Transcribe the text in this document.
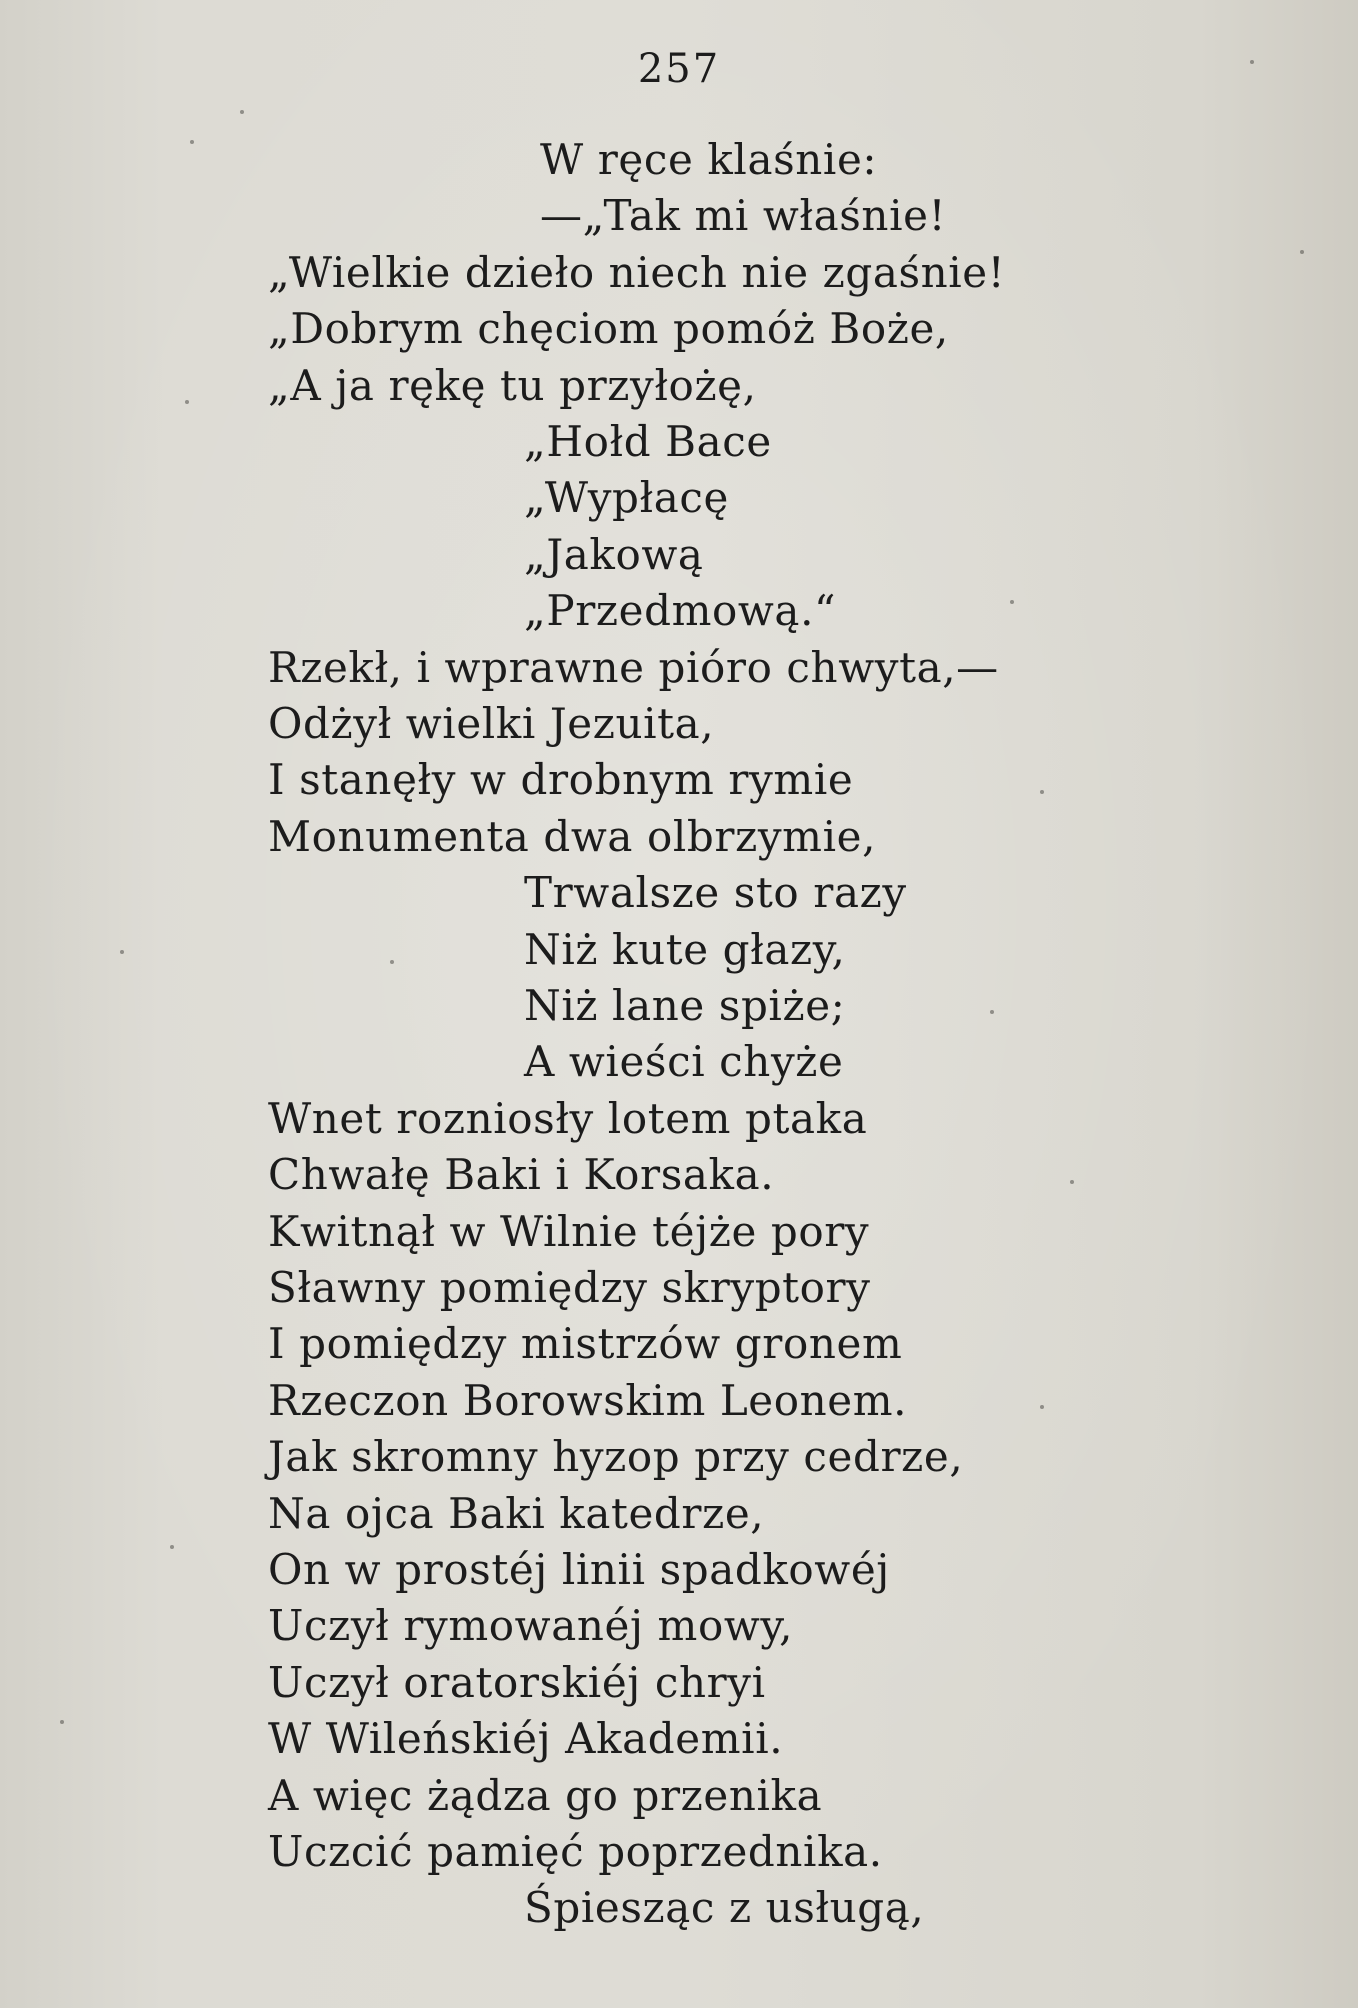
257
W ręce klaśnie:
—„Tak mi właśnie!
„Wielkie dzieło niech nie zgaśnie!
„Dobrym chęciom pomóż Boże,
„A ja rękę tu przyłożę,
„Hołd Bace
„Wypłacę
„Jakową
„Przedmową.“
Rzekł, i wprawne pióro chwyta,—
Odżył wielki Jezuita,
I stanęły w drobnym rymie
Monumenta dwa olbrzymie,
Trwalsze sto razy
Niż kute głazy,
Niż lane spiże;
A wieści chyże
Wnet rozniosły lotem ptaka
Chwałę Baki i Korsaka.
Kwitnął w Wilnie téjże pory
Sławny pomiędzy skryptory
I pomiędzy mistrzów gronem
Rzeczon Borowskim Leonem.
Jak skromny hyzop przy cedrze,
Na ojca Baki katedrze,
On w prostéj linii spadkowéj
Uczył rymowanéj mowy,
Uczył oratorskiéj chryi
W Wileńskiéj Akademii.
A więc żądza go przenika
Uczcić pamięć poprzednika.
Śpiesząc z usługą,
